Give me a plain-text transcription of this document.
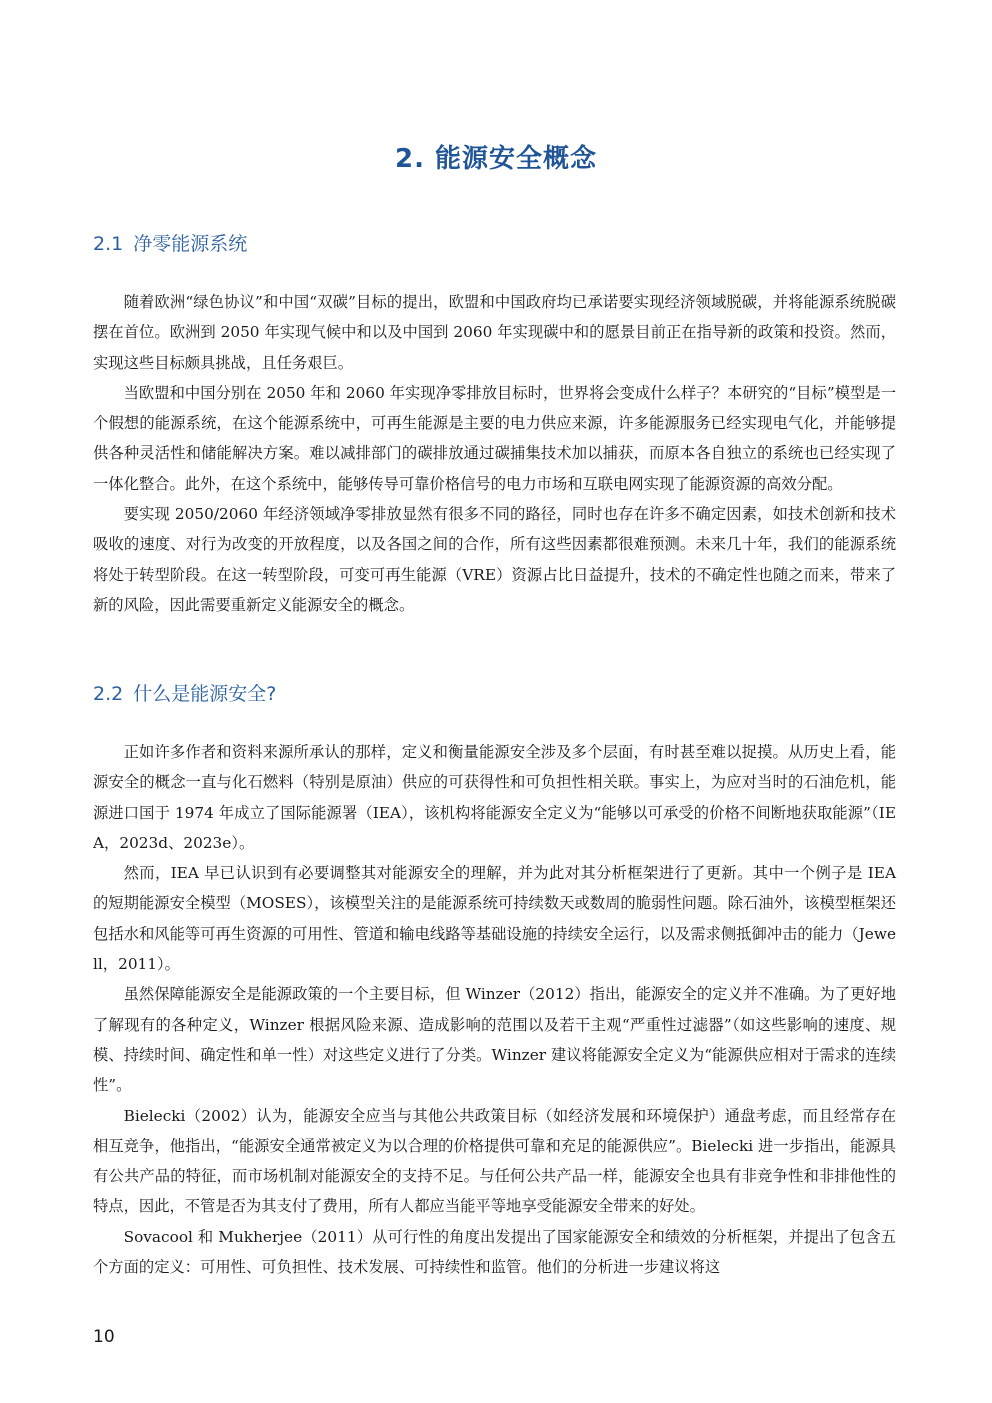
2. 能源安全概念
2.1 净零能源系统

随着欧洲“绿色协议”和中国“双碳”目标的提出，欧盟和中国政府均已承诺要实现经济领域脱碳，并将能源系统脱碳摆在首位。欧洲到 2050 年实现气候中和以及中国到 2060 年实现碳中和的愿景目前正在指导新的政策和投资。然而，实现这些目标颇具挑战，且任务艰巨。

当欧盟和中国分别在 2050 年和 2060 年实现净零排放目标时，世界将会变成什么样子？本研究的“目标”模型是一个假想的能源系统，在这个能源系统中，可再生能源是主要的电力供应来源，许多能源服务已经实现电气化，并能够提供各种灵活性和储能解决方案。难以减排部门的碳排放通过碳捕集技术加以捕获，而原本各自独立的系统也已经实现了一体化整合。此外，在这个系统中，能够传导可靠价格信号的电力市场和互联电网实现了能源资源的高效分配。

要实现 2050/2060 年经济领域净零排放显然有很多不同的路径，同时也存在许多不确定因素，如技术创新和技术吸收的速度、对行为改变的开放程度，以及各国之间的合作，所有这些因素都很难预测。未来几十年，我们的能源系统将处于转型阶段。在这一转型阶段，可变可再生能源（VRE）资源占比日益提升，技术的不确定性也随之而来，带来了新的风险，因此需要重新定义能源安全的概念。

2.2 什么是能源安全?

正如许多作者和资料来源所承认的那样，定义和衡量能源安全涉及多个层面，有时甚至难以捉摸。从历史上看，能源安全的概念一直与化石燃料（特别是原油）供应的可获得性和可负担性相关联。事实上，为应对当时的石油危机，能源进口国于 1974 年成立了国际能源署（IEA），该机构将能源安全定义为“能够以可承受的价格不间断地获取能源”（IEA，2023d、2023e）。

然而，IEA 早已认识到有必要调整其对能源安全的理解，并为此对其分析框架进行了更新。其中一个例子是 IEA 的短期能源安全模型（MOSES），该模型关注的是能源系统可持续数天或数周的脆弱性问题。除石油外，该模型框架还包括水和风能等可再生资源的可用性、管道和输电线路等基础设施的持续安全运行，以及需求侧抵御冲击的能力（Jewell，2011）。

虽然保障能源安全是能源政策的一个主要目标，但 Winzer（2012）指出，能源安全的定义并不准确。为了更好地了解现有的各种定义，Winzer 根据风险来源、造成影响的范围以及若干主观“严重性过滤器”（如这些影响的速度、规模、持续时间、确定性和单一性）对这些定义进行了分类。Winzer 建议将能源安全定义为“能源供应相对于需求的连续性”。

Bielecki（2002）认为，能源安全应当与其他公共政策目标（如经济发展和环境保护）通盘考虑，而且经常存在相互竞争，他指出，“能源安全通常被定义为以合理的价格提供可靠和充足的能源供应”。Bielecki 进一步指出，能源具有公共产品的特征，而市场机制对能源安全的支持不足。与任何公共产品一样，能源安全也具有非竞争性和非排他性的特点，因此，不管是否为其支付了费用，所有人都应当能平等地享受能源安全带来的好处。

Sovacool 和 Mukherjee（2011）从可行性的角度出发提出了国家能源安全和绩效的分析框架，并提出了包含五个方面的定义：可用性、可负担性、技术发展、可持续性和监管。他们的分析进一步建议将这

10
